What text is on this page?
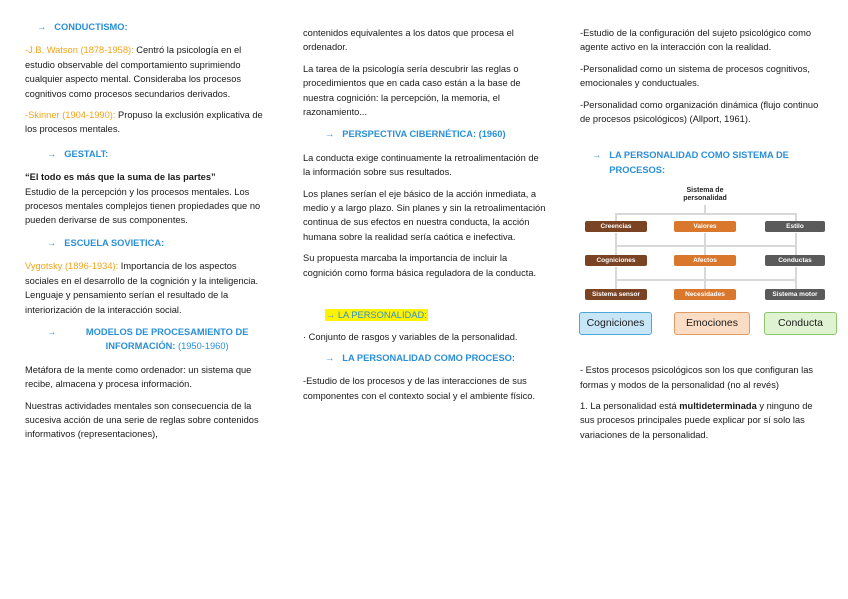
→ CONDUCTISMO:

-J.B. Watson (1878-1958): Centró la psicología en el estudio observable del comportamiento suprimiendo cualquier aspecto mental. Consideraba los procesos cognitivos como procesos secundarios derivados.

-Skinner (1904-1990): Propuso la exclusión explicativa de los procesos mentales.

→ GESTALT:

“El todo es más que la suma de las partes”

Estudio de la percepción y los procesos mentales. Los procesos mentales complejos tienen propiedades que no pueden derivarse de sus componentes.

→ ESCUELA SOVIETICA:

Vygotsky (1896-1934): Importancia de los aspectos sociales en el desarrollo de la cognición y la inteligencia. Lenguaje y pensamiento serían el resultado de la interiorización de la interacción social.

→	MODELOS DE PROCESAMIENTO DE INFORMACIÓN: (1950-1960)

Metáfora de la mente como ordenador: un sistema que recibe, almacena y procesa información.

Nuestras actividades mentales son consecuencia de la sucesiva acción de una serie de reglas sobre contenidos informativos (representaciones),

contenidos equivalentes a los datos que procesa el ordenador.

La tarea de la psicología sería descubrir las reglas o procedimientos que en cada caso están a la base de nuestra cognición: la percepción, la memoria, el razonamiento...

→ PERSPECTIVA CIBERNÉTICA: (1960)

La conducta exige continuamente la retroalimentación de la información sobre sus resultados.

Los planes serían el eje básico de la acción inmediata, a medio y a largo plazo. Sin planes y sin la retroalimentación continua de sus efectos en nuestra conducta, la acción humana sobre la realidad sería caótica e inefectiva.

Su propuesta marcaba la importancia de incluir la cognición como forma básica reguladora de la conducta.

→ LA PERSONALIDAD:

· Conjunto de rasgos y variables de la personalidad.

→ LA PERSONALIDAD COMO PROCESO:

-Estudio de los procesos y de las interacciones de sus componentes con el contexto social y el ambiente físico.

-Estudio de la configuración del sujeto psicológico como agente activo en la interacción con la realidad.

-Personalidad como un sistema de procesos cognitivos, emocionales y conductuales.

-Personalidad como organización dinámica (flujo continuo de procesos psicológicos) (Allport, 1961).

→ LA PERSONALIDAD COMO SISTEMA DE PROCESOS:
Sistema de personalidad
Creencias	Valores	Estilo
Cogniciones	Afectos	Conductas
Sistema sensor	Necesidades	Sistema motor
Cogniciones	Emociones	Conducta

- Estos procesos psicológicos son los que configuran las formas y modos de la personalidad (no al revés)

1. La personalidad está multideterminada y ninguno de sus procesos principales puede explicar por sí solo las variaciones de la personalidad.
